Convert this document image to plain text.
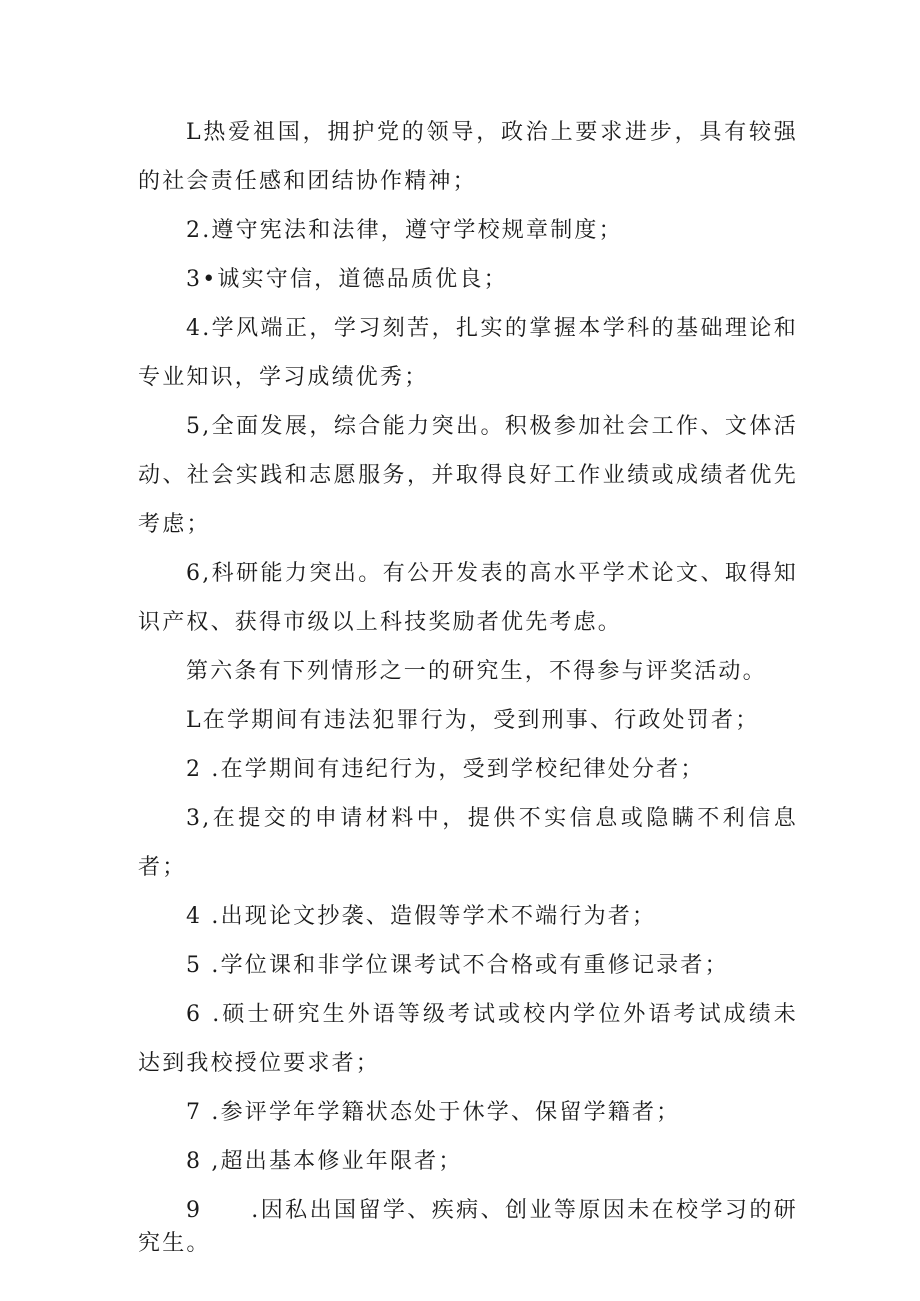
L热爱祖国，拥护党的领导，政治上要求进步，具有较强的社会责任感和团结协作精神；

2.遵守宪法和法律，遵守学校规章制度；

3•诚实守信，道德品质优良；

4.学风端正，学习刻苦，扎实的掌握本学科的基础理论和专业知识，学习成绩优秀；

5,全面发展，综合能力突出。积极参加社会工作、文体活动、社会实践和志愿服务，并取得良好工作业绩或成绩者优先考虑；

6,科研能力突出。有公开发表的高水平学术论文、取得知识产权、获得市级以上科技奖励者优先考虑。

第六条有下列情形之一的研究生，不得参与评奖活动。

L在学期间有违法犯罪行为，受到刑事、行政处罚者；

2 .在学期间有违纪行为，受到学校纪律处分者；

3,在提交的申请材料中，提供不实信息或隐瞒不利信息者；

4 .出现论文抄袭、造假等学术不端行为者；

5 .学位课和非学位课考试不合格或有重修记录者；

6 .硕士研究生外语等级考试或校内学位外语考试成绩未达到我校授位要求者；

7 .参评学年学籍状态处于休学、保留学籍者；

8 ,超出基本修业年限者；

9　　.因私出国留学、疾病、创业等原因未在校学习的研究生。
